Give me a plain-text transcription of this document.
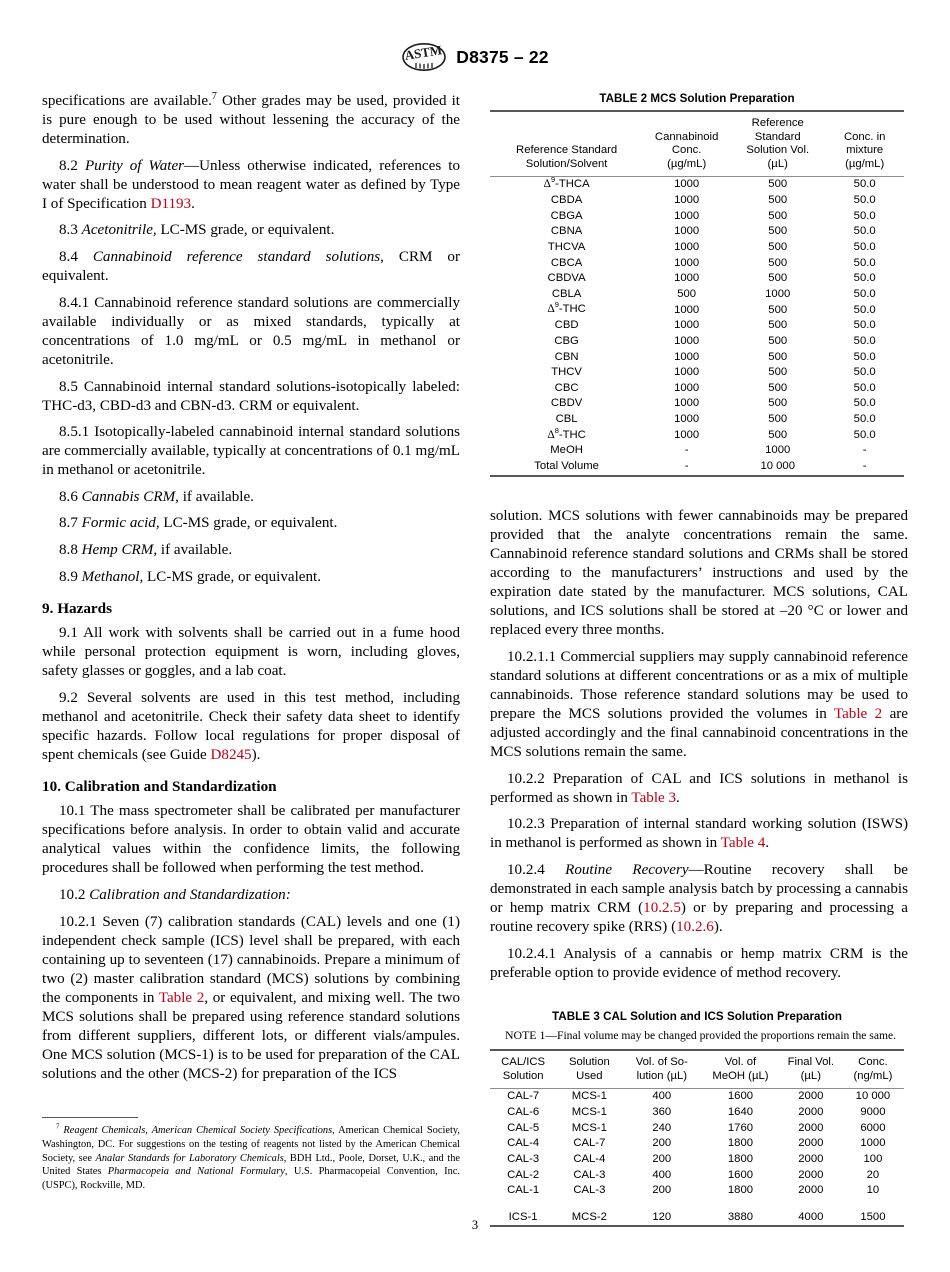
ASTM D8375 – 22

specifications are available.$^7$ Other grades may be used, provided it is pure enough to be used without lessening the accuracy of the determination.

8.2 Purity of Water—Unless otherwise indicated, references to water shall be understood to mean reagent water as defined by Type I of Specification D1193.

8.3 Acetonitrile, LC-MS grade, or equivalent.

8.4 Cannabinoid reference standard solutions, CRM or equivalent.

8.4.1 Cannabinoid reference standard solutions are commercially available individually or as mixed standards, typically at concentrations of 1.0 mg/mL or 0.5 mg/mL in methanol or acetonitrile.

8.5 Cannabinoid internal standard solutions-isotopically labeled: THC-d3, CBD-d3 and CBN-d3. CRM or equivalent.

8.5.1 Isotopically-labeled cannabinoid internal standard solutions are commercially available, typically at concentrations of 0.1 mg/mL in methanol or acetonitrile.

8.6 Cannabis CRM, if available.

8.7 Formic acid, LC-MS grade, or equivalent.

8.8 Hemp CRM, if available.

8.9 Methanol, LC-MS grade, or equivalent.

9. Hazards

9.1 All work with solvents shall be carried out in a fume hood while personal protection equipment is worn, including gloves, safety glasses or goggles, and a lab coat.

9.2 Several solvents are used in this test method, including methanol and acetonitrile. Check their safety data sheet to identify specific hazards. Follow local regulations for proper disposal of spent chemicals (see Guide D8245).

10. Calibration and Standardization

10.1 The mass spectrometer shall be calibrated per manufacturer specifications before analysis. In order to obtain valid and accurate analytical values within the confidence limits, the following procedures shall be followed when performing the test method.

10.2 Calibration and Standardization:

10.2.1 Seven (7) calibration standards (CAL) levels and one (1) independent check sample (ICS) level shall be prepared, with each containing up to seventeen (17) cannabinoids. Prepare a minimum of two (2) master calibration standard (MCS) solutions by combining the components in Table 2, or equivalent, and mixing well. The two MCS solutions shall be prepared using reference standard solutions from different suppliers, different lots, or different vials/ampules. One MCS solution (MCS-1) is to be used for preparation of the CAL solutions and the other (MCS-2) for preparation of the ICS

$^7$ Reagent Chemicals, American Chemical Society Specifications, American Chemical Society, Washington, DC. For suggestions on the testing of reagents not listed by the American Chemical Society, see Analar Standards for Laboratory Chemicals, BDH Ltd., Poole, Dorset, U.K., and the United States Pharmacopeia and National Formulary, U.S. Pharmacopeial Convention, Inc. (USPC), Rockville, MD.

TABLE 2 MCS Solution Preparation

Reference Standard
Solution/Solvent	Cannabinoid
Conc.
(µg/mL)	Reference
Standard
Solution Vol.
(µL)	Conc. in
mixture
(µg/mL)

$\Delta^9$-THCA	1000	500	50.0
CBDA	1000	500	50.0
CBGA	1000	500	50.0
CBNA	1000	500	50.0
THCVA	1000	500	50.0
CBCA	1000	500	50.0
CBDVA	1000	500	50.0
CBLA	500	1000	50.0
$\Delta^9$-THC	1000	500	50.0
CBD	1000	500	50.0
CBG	1000	500	50.0
CBN	1000	500	50.0
THCV	1000	500	50.0
CBC	1000	500	50.0
CBDV	1000	500	50.0
CBL	1000	500	50.0
$\Delta^8$-THC	1000	500	50.0
MeOH	-	1000	-
Total Volume	-	10 000	-

solution. MCS solutions with fewer cannabinoids may be prepared provided that the analyte concentrations remain the same. Cannabinoid reference standard solutions and CRMs shall be stored according to the manufacturers’ instructions and used by the expiration date stated by the manufacturer. MCS solutions, CAL solutions, and ICS solutions shall be stored at –20 °C or lower and replaced every three months.

10.2.1.1 Commercial suppliers may supply cannabinoid reference standard solutions at different concentrations or as a mix of multiple cannabinoids. Those reference standard solutions may be used to prepare the MCS solutions provided the volumes in Table 2 are adjusted accordingly and the final cannabinoid concentrations in the MCS solutions remain the same.

10.2.2 Preparation of CAL and ICS solutions in methanol is performed as shown in Table 3.

10.2.3 Preparation of internal standard working solution (ISWS) in methanol is performed as shown in Table 4.

10.2.4 Routine Recovery—Routine recovery shall be demonstrated in each sample analysis batch by processing a cannabis or hemp matrix CRM (10.2.5) or by preparing and processing a routine recovery spike (RRS) (10.2.6).

10.2.4.1 Analysis of a cannabis or hemp matrix CRM is the preferable option to provide evidence of method recovery.

TABLE 3 CAL Solution and ICS Solution Preparation

NOTE 1—Final volume may be changed provided the proportions remain the same.

CAL/ICS
Solution	Solution
Used	Vol. of So-
lution (µL)	Vol. of
MeOH (µL)	Final Vol.
(µL)	Conc.
(ng/mL)

CAL-7	MCS-1	400	1600	2000	10 000
CAL-6	MCS-1	360	1640	2000	9000
CAL-5	MCS-1	240	1760	2000	6000
CAL-4	CAL-7	200	1800	2000	1000
CAL-3	CAL-4	200	1800	2000	100
CAL-2	CAL-3	400	1600	2000	20
CAL-1	CAL-3	200	1800	2000	10

ICS-1	MCS-2	120	3880	4000	1500

3
